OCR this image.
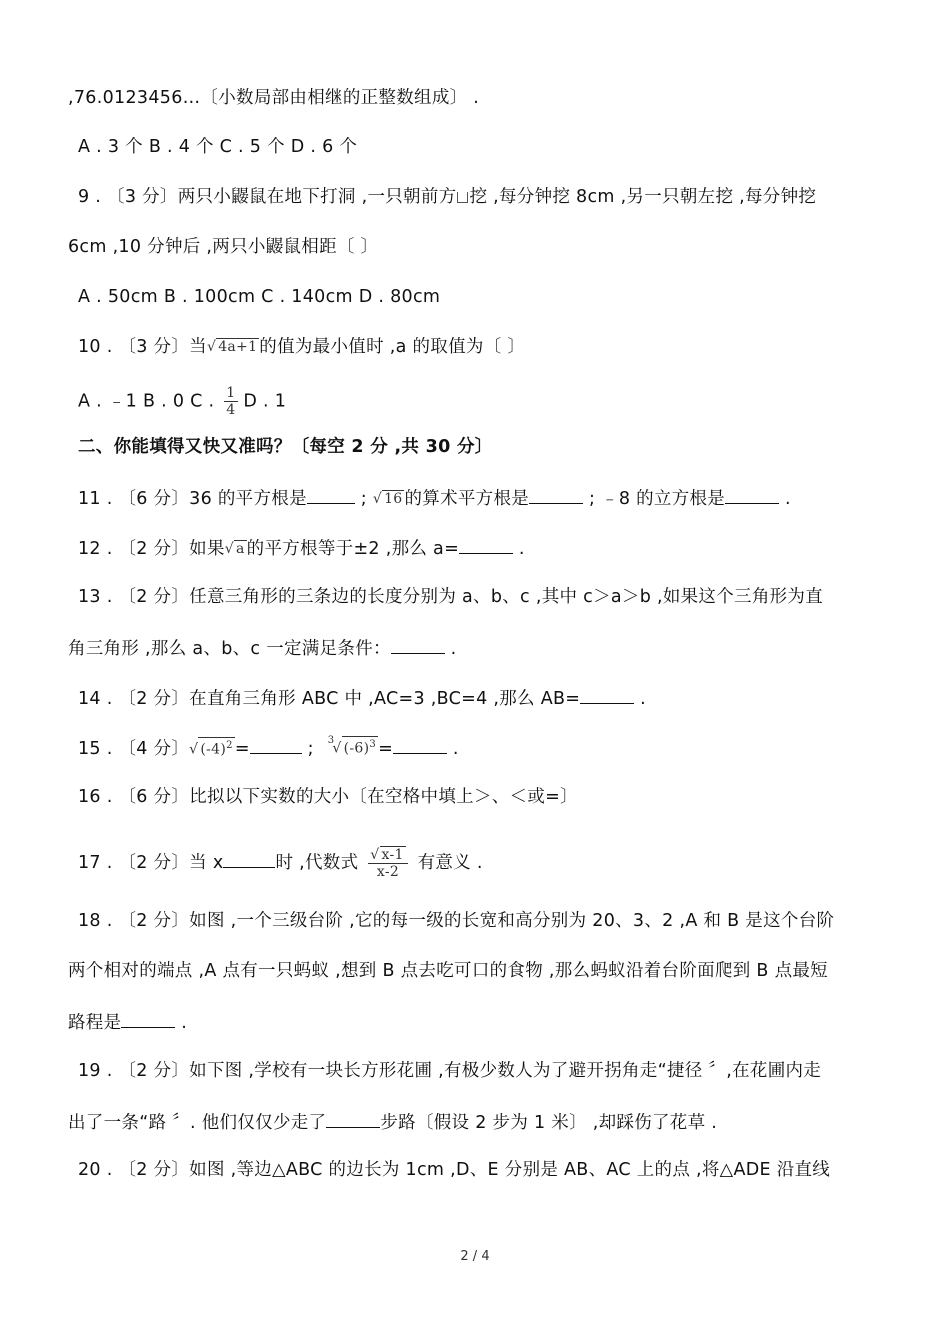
,76.0123456…〔小数局部由相继的正整数组成〕 .
A . 3 个 B . 4 个 C . 5 个 D . 6 个
9 . 〔3 分〕两只小鼹鼠在地下打洞 ,一只朝前方 挖 ,每分钟挖 8cm ,另一只朝左挖 ,每分钟挖
6cm ,10 分钟后 ,两只小鼹鼠相距〔 〕
A . 50cm B . 100cm C . 140cm D . 80cm
10 . 〔3 分〕当√ 4a+1 的值为最小值时 ,a 的取值为〔 〕
A . ﹣1 B . 0 C . $\frac{1}{4}$ D . 1
二、你能填得又快又准吗？〔每空 2 分 ,共 30 分〕
11 . 〔6 分〕36 的平方根是	; √ 16 的算术平方根是	; ﹣8 的立方根是	.
12 . 〔2 分〕如果√ a 的平方根等于±2 ,那么 a=	.
13 . 〔2 分〕任意三角形的三条边的长度分别为 a、b、c ,其中 c＞a＞b ,如果这个三角形为直
角三角形 ,那么 a、b、c 一定满足条件：	.
14 . 〔2 分〕在直角三角形 ABC 中 ,AC=3 ,BC=4 ,那么 AB=	.
15 . 〔4 分〕√ $(-4)^2$ =	; $^3$√ $(-6)^3$ =	.
16 . 〔6 分〕比拟以下实数的大小〔在空格中填上＞、＜或=〕
17 . 〔2 分〕当 x	时 ,代数式 $\frac{√ x-1}{x-2}$ 有意义 .
18 . 〔2 分〕如图 ,一个三级台阶 ,它的每一级的长宽和高分别为 20、3、2 ,A 和 B 是这个台阶
两个相对的端点 ,A 点有一只蚂蚁 ,想到 B 点去吃可口的食物 ,那么蚂蚁沿着台阶面爬到 B 点最短
路程是	.
19 . 〔2 分〕如下图 ,学校有一块长方形花圃 ,有极少数人为了避开拐角走“捷径 〞,在花圃内走
出了一条“路 〞. 他们仅仅少走了	步路〔假设 2 步为 1 米〕 ,却踩伤了花草 .
20 . 〔2 分〕如图 ,等边△ABC 的边长为 1cm ,D、E 分别是 AB、AC 上的点 ,将△ADE 沿直线
2 / 4
